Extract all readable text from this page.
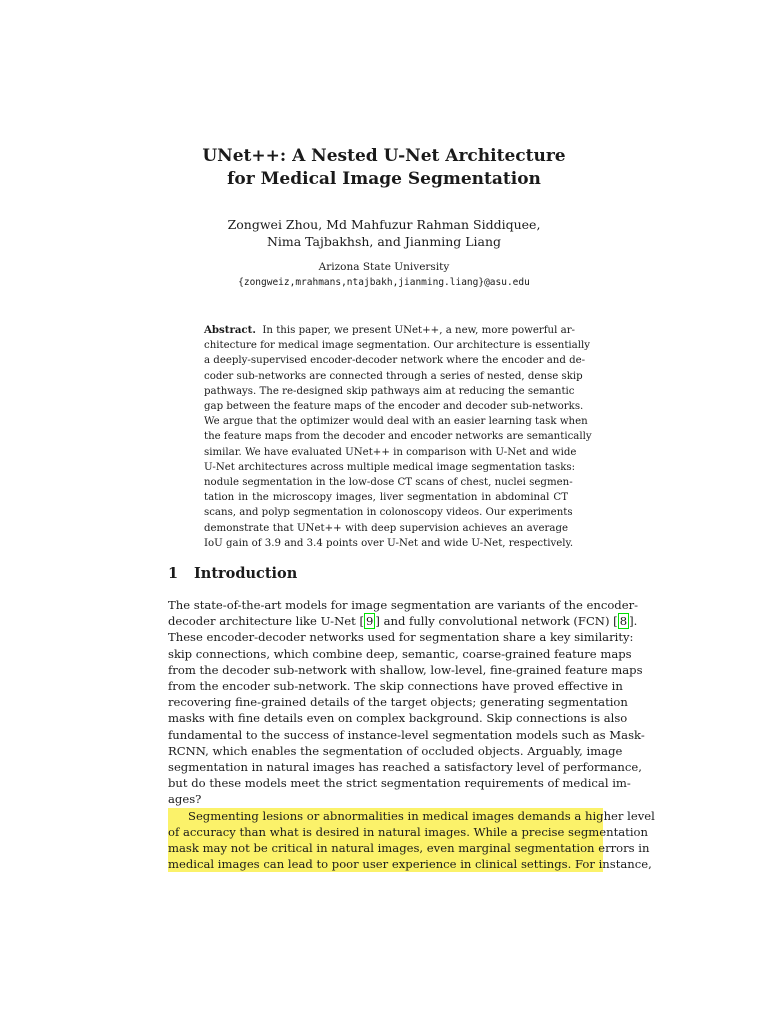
UNet++: A Nested U-Net Architecture
for Medical Image Segmentation
Zongwei Zhou, Md Mahfuzur Rahman Siddiquee,
Nima Tajbakhsh, and Jianming Liang
Arizona State University
{zongweiz,mrahmans,ntajbakh,jianming.liang}@asu.edu
Abstract. In this paper, we present UNet++, a new, more powerful ar-
chitecture for medical image segmentation. Our architecture is essentially
a deeply-supervised encoder-decoder network where the encoder and de-
coder sub-networks are connected through a series of nested, dense skip
pathways. The re-designed skip pathways aim at reducing the semantic
gap between the feature maps of the encoder and decoder sub-networks.
We argue that the optimizer would deal with an easier learning task when
the feature maps from the decoder and encoder networks are semantically
similar. We have evaluated UNet++ in comparison with U-Net and wide
U-Net architectures across multiple medical image segmentation tasks:
nodule segmentation in the low-dose CT scans of chest, nuclei segmen-
tation in the microscopy images, liver segmentation in abdominal CT
scans, and polyp segmentation in colonoscopy videos. Our experiments
demonstrate that UNet++ with deep supervision achieves an average
IoU gain of 3.9 and 3.4 points over U-Net and wide U-Net, respectively.
1 Introduction
The state-of-the-art models for image segmentation are variants of the encoder-
decoder architecture like U-Net [ 9 ] and fully convolutional network (FCN) [ 8 ].
These encoder-decoder networks used for segmentation share a key similarity:
skip connections, which combine deep, semantic, coarse-grained feature maps
from the decoder sub-network with shallow, low-level, fine-grained feature maps
from the encoder sub-network. The skip connections have proved effective in
recovering fine-grained details of the target objects; generating segmentation
masks with fine details even on complex background. Skip connections is also
fundamental to the success of instance-level segmentation models such as Mask-
RCNN, which enables the segmentation of occluded objects. Arguably, image
segmentation in natural images has reached a satisfactory level of performance,
but do these models meet the strict segmentation requirements of medical im-
ages?
Segmenting lesions or abnormalities in medical images demands a higher level
of accuracy than what is desired in natural images. While a precise segmentation
mask may not be critical in natural images, even marginal segmentation errors in
medical images can lead to poor user experience in clinical settings. For instance,
